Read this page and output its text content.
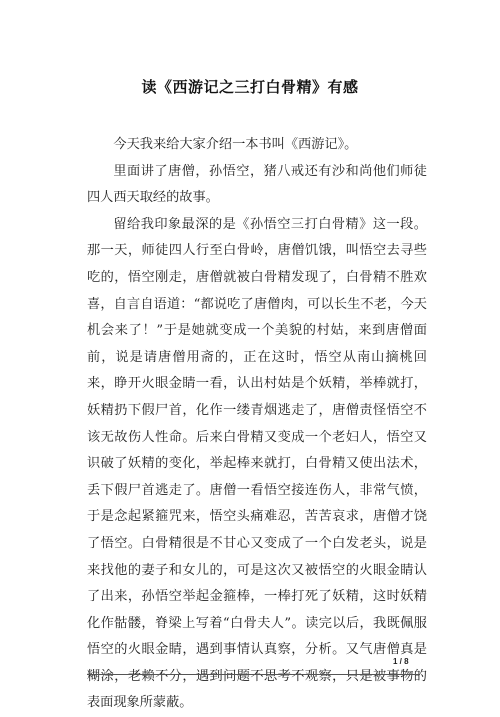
读《西游记之三打白骨精》有感

今天我来给大家介绍一本书叫《西游记》。

里面讲了唐僧，孙悟空，猪八戒还有沙和尚他们师徒四人西天取经的故事。

留给我印象最深的是《孙悟空三打白骨精》这一段。那一天，师徒四人行至白骨岭，唐僧饥饿，叫悟空去寻些吃的，悟空刚走，唐僧就被白骨精发现了，白骨精不胜欢喜，自言自语道：“都说吃了唐僧肉，可以长生不老，今天机会来了！”于是她就变成一个美貌的村姑，来到唐僧面前，说是请唐僧用斋的，正在这时，悟空从南山摘桃回来，睁开火眼金睛一看，认出村姑是个妖精，举棒就打，妖精扔下假尸首，化作一缕青烟逃走了，唐僧责怪悟空不该无故伤人性命。后来白骨精又变成一个老妇人，悟空又识破了妖精的变化，举起棒来就打，白骨精又使出法术，丢下假尸首逃走了。唐僧一看悟空接连伤人，非常气愤，于是念起紧箍咒来，悟空头痛难忍，苦苦哀求，唐僧才饶了悟空。白骨精很是不甘心又变成了一个白发老头，说是来找他的妻子和女儿的，可是这次又被悟空的火眼金睛认了出来，孙悟空举起金箍棒，一棒打死了妖精，这时妖精化作骷髅，脊梁上写着“白骨夫人”。读完以后，我既佩服悟空的火眼金睛，遇到事情认真察，分析。又气唐僧真是糊涂，老赖不分，遇到问题不思考不观察，只是被事物的表面现象所蒙蔽。

1 / 8
